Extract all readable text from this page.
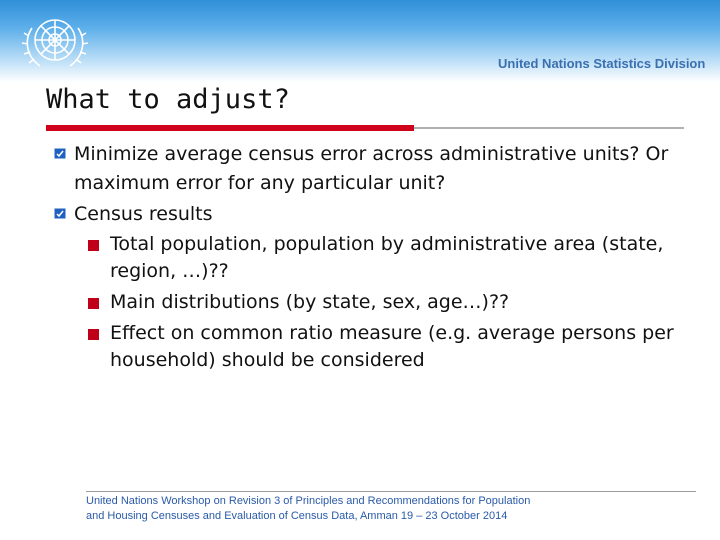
United Nations Statistics Division
What to adjust?
Minimize average census error across administrative units? Or maximum error for any particular unit?
Census results
Total population, population by administrative area (state, region, …)??
Main distributions (by state, sex, age…)??
Effect on common ratio measure (e.g. average persons per household) should be considered
United Nations Workshop on Revision 3 of Principles and Recommendations for Population
and Housing Censuses and Evaluation of Census Data, Amman 19 – 23 October 2014
